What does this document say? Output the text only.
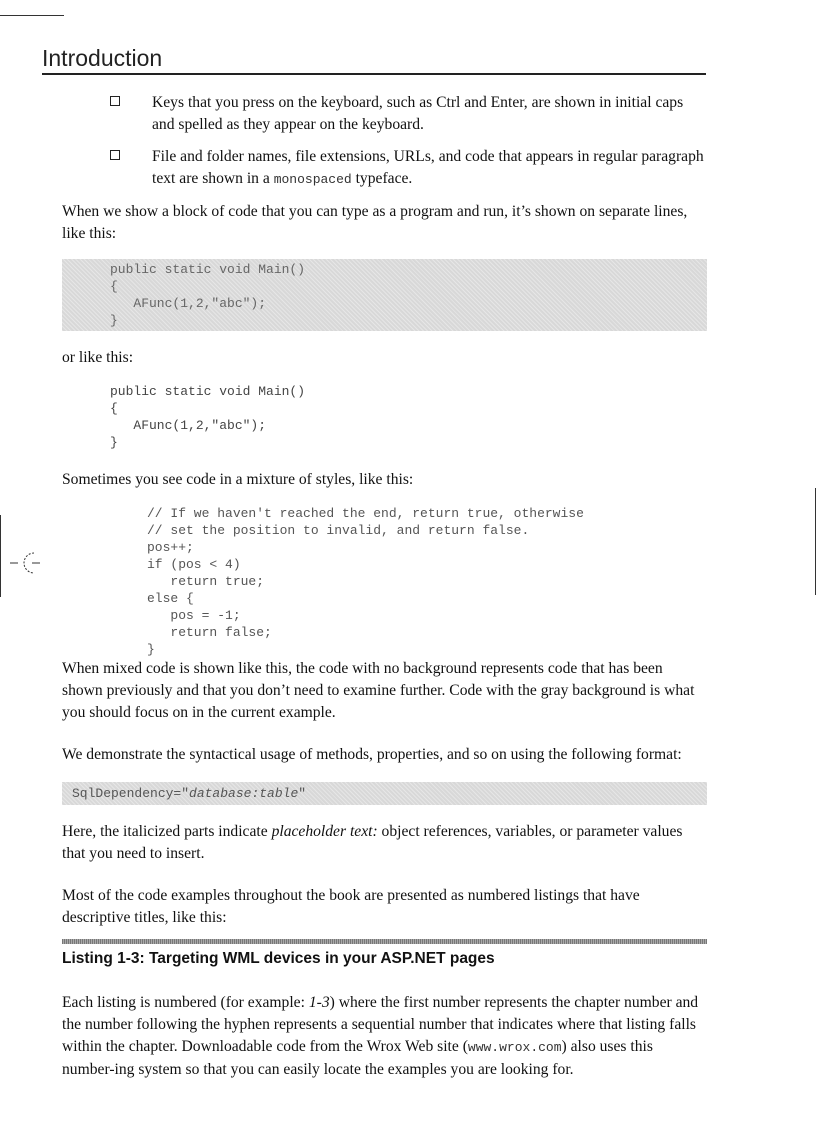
Introduction
Keys that you press on the keyboard, such as Ctrl and Enter, are shown in initial caps and spelled as they appear on the keyboard.
File and folder names, file extensions, URLs, and code that appears in regular paragraph text are shown in a monospaced typeface.

When we show a block of code that you can type as a program and run, it’s shown on separate lines, like this:

public static void Main()
{
AFunc(1,2,"abc");
}

or like this:

public static void Main()
{
AFunc(1,2,"abc");
}

Sometimes you see code in a mixture of styles, like this:

// If we haven't reached the end, return true, otherwise
// set the position to invalid, and return false.
pos++;
if (pos < 4)
return true;
else {
pos = -1;
return false;
}

When mixed code is shown like this, the code with no background represents code that has been shown previously and that you don’t need to examine further. Code with the gray background is what you should focus on in the current example.

We demonstrate the syntactical usage of methods, properties, and so on using the following format:

SqlDependency="database:table"

Here, the italicized parts indicate placeholder text: object references, variables, or parameter values that you need to insert.

Most of the code examples throughout the book are presented as numbered listings that have descriptive titles, like this:

Listing 1-3: Targeting WML devices in your ASP.NET pages

Each listing is numbered (for example: 1-3) where the first number represents the chapter number and the number following the hyphen represents a sequential number that indicates where that listing falls within the chapter. Downloadable code from the Wrox Web site (www.wrox.com) also uses this number-ing system so that you can easily locate the examples you are looking for.
